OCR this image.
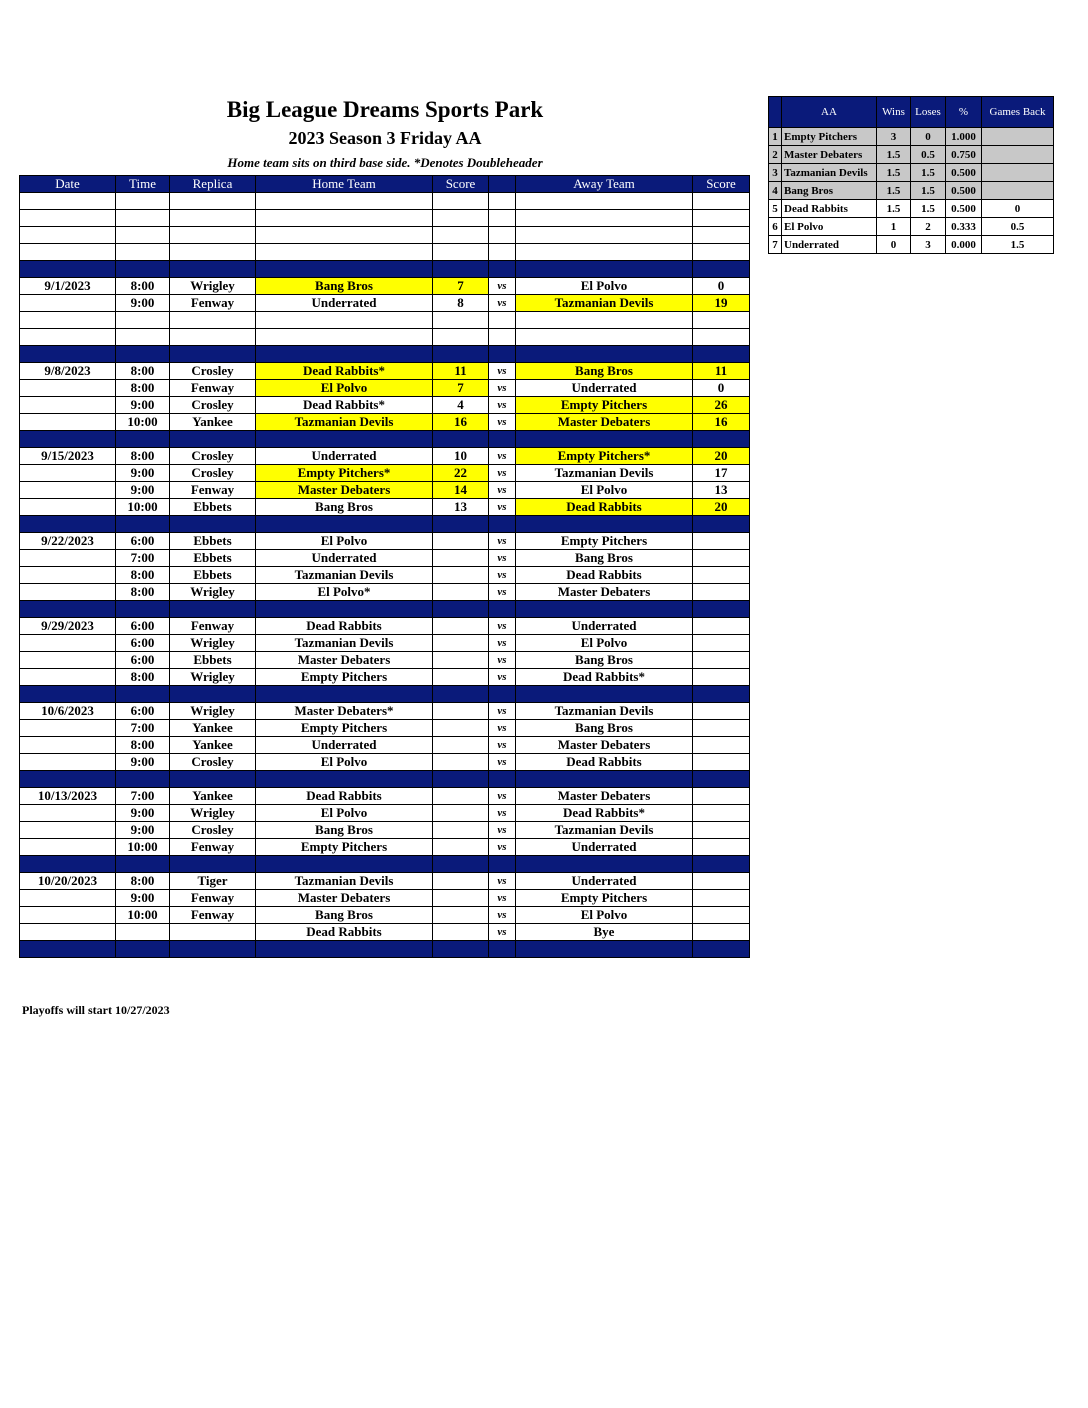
Big League Dreams Sports Park
2023 Season 3 Friday AA
Home team sits on third base side. *Denotes Doubleheader
Date	Time	Replica	Home Team	Score		Away Team	Score

9/1/2023	8:00	Wrigley	Bang Bros	7	vs	El Polvo	0
	9:00	Fenway	Underrated	8	vs	Tazmanian Devils	19

9/8/2023	8:00	Crosley	Dead Rabbits*	11	vs	Bang Bros	11
	8:00	Fenway	El Polvo	7	vs	Underrated	0
	9:00	Crosley	Dead Rabbits*	4	vs	Empty Pitchers	26
	10:00	Yankee	Tazmanian Devils	16	vs	Master Debaters	16

9/15/2023	8:00	Crosley	Underrated	10	vs	Empty Pitchers*	20
	9:00	Crosley	Empty Pitchers*	22	vs	Tazmanian Devils	17
	9:00	Fenway	Master Debaters	14	vs	El Polvo	13
	10:00	Ebbets	Bang Bros	13	vs	Dead Rabbits	20

9/22/2023	6:00	Ebbets	El Polvo		vs	Empty Pitchers	
	7:00	Ebbets	Underrated		vs	Bang Bros	
	8:00	Ebbets	Tazmanian Devils		vs	Dead Rabbits	
	8:00	Wrigley	El Polvo*		vs	Master Debaters	

9/29/2023	6:00	Fenway	Dead Rabbits		vs	Underrated	
	6:00	Wrigley	Tazmanian Devils		vs	El Polvo	
	6:00	Ebbets	Master Debaters		vs	Bang Bros	
	8:00	Wrigley	Empty Pitchers		vs	Dead Rabbits*	

10/6/2023	6:00	Wrigley	Master Debaters*		vs	Tazmanian Devils	
	7:00	Yankee	Empty Pitchers		vs	Bang Bros	
	8:00	Yankee	Underrated		vs	Master Debaters	
	9:00	Crosley	El Polvo		vs	Dead Rabbits	

10/13/2023	7:00	Yankee	Dead Rabbits		vs	Master Debaters	
	9:00	Wrigley	El Polvo		vs	Dead Rabbits*	
	9:00	Crosley	Bang Bros		vs	Tazmanian Devils	
	10:00	Fenway	Empty Pitchers		vs	Underrated	

10/20/2023	8:00	Tiger	Tazmanian Devils		vs	Underrated	
	9:00	Fenway	Master Debaters		vs	Empty Pitchers	
	10:00	Fenway	Bang Bros		vs	El Polvo	
			Dead Rabbits		vs	Bye	

Playoffs will start 10/27/2023
	AA	Wins	Loses	%	Games Back
1	Empty Pitchers	3	0	1.000	
2	Master Debaters	1.5	0.5	0.750	
3	Tazmanian Devils	1.5	1.5	0.500	
4	Bang Bros	1.5	1.5	0.500	
5	Dead Rabbits	1.5	1.5	0.500	0
6	El Polvo	1	2	0.333	0.5
7	Underrated	0	3	0.000	1.5
